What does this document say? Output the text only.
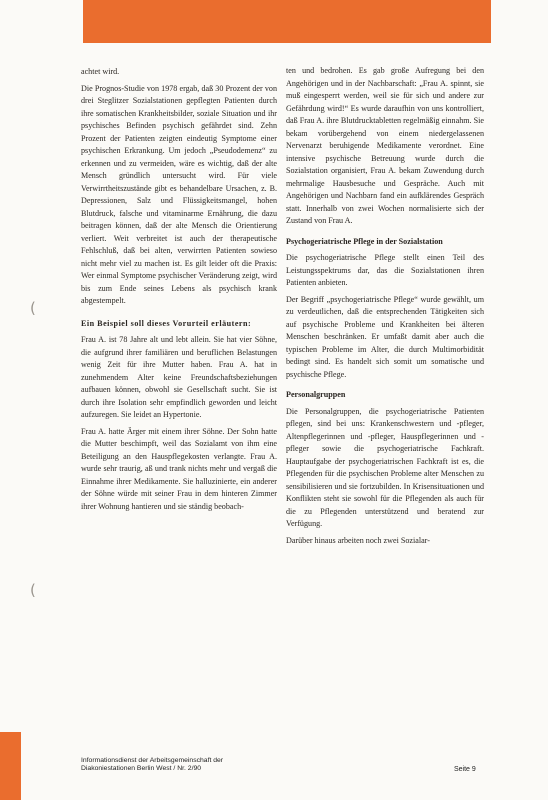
(
(

achtet wird.

Die Prognos-Studie von 1978 ergab, daß 30 Prozent der von drei Steglitzer Sozialstationen gepflegten Patienten durch ihre somatischen Krankheitsbilder, soziale Situation und ihr psychisches Befinden psychisch gefährdet sind. Zehn Prozent der Patienten zeigten eindeutig Symptome einer psychischen Erkrankung. Um jedoch „Pseudodemenz“ zu erkennen und zu vermeiden, wäre es wichtig, daß der alte Mensch gründlich untersucht wird. Für viele Verwirrtheitszustände gibt es behandelbare Ursachen, z. B. Depressionen, Salz und Flüssigkeitsmangel, hohen Blutdruck, falsche und vitaminarme Ernährung, die dazu beitragen können, daß der alte Mensch die Orientierung verliert. Weit verbreitet ist auch der therapeutische Fehlschluß, daß bei alten, verwirrten Patienten sowieso nicht mehr viel zu machen ist. Es gilt leider oft die Praxis: Wer einmal Symptome psychischer Veränderung zeigt, wird bis zum Ende seines Lebens als psychisch krank abgestempelt.

Ein Beispiel soll dieses Vorurteil erläutern:

Frau A. ist 78 Jahre alt und lebt allein. Sie hat vier Söhne, die aufgrund ihrer familiären und beruflichen Belastungen wenig Zeit für ihre Mutter haben. Frau A. hat in zunehmendem Alter keine Freundschaftsbeziehungen aufbauen können, obwohl sie Gesellschaft sucht. Sie ist durch ihre Isolation sehr empfindlich geworden und leicht aufzuregen. Sie leidet an Hypertonie.

Frau A. hatte Ärger mit einem ihrer Söhne. Der Sohn hatte die Mutter beschimpft, weil das Sozialamt von ihm eine Beteiligung an den Hauspflegekosten verlangte. Frau A. wurde sehr traurig, aß und trank nichts mehr und vergaß die Einnahme ihrer Medikamente. Sie halluzinierte, ein anderer der Söhne würde mit seiner Frau in dem hinteren Zimmer ihrer Wohnung hantieren und sie ständig beobach-

ten und bedrohen. Es gab große Aufregung bei den Angehörigen und in der Nachbarschaft: „Frau A. spinnt, sie muß eingesperrt werden, weil sie für sich und andere zur Gefährdung wird!“ Es wurde daraufhin von uns kontrolliert, daß Frau A. ihre Blutdrucktabletten regelmäßig einnahm. Sie bekam vorübergehend von einem niedergelassenen Nervenarzt beruhigende Medikamente verordnet. Eine intensive psychische Betreuung wurde durch die Sozialstation organisiert, Frau A. bekam Zuwendung durch mehrmalige Hausbesuche und Gespräche. Auch mit Angehörigen und Nachbarn fand ein aufklärendes Gespräch statt. Innerhalb von zwei Wochen normalisierte sich der Zustand von Frau A.

Psychogeriatrische Pflege in der Sozialstation

Die psychogeriatrische Pflege stellt einen Teil des Leistungsspektrums dar, das die Sozialstationen ihren Patienten anbieten.

Der Begriff „psychogeriatrische Pflege“ wurde gewählt, um zu verdeutlichen, daß die entsprechenden Tätigkeiten sich auf psychische Probleme und Krankheiten bei älteren Menschen beschränken. Er umfaßt damit aber auch die typischen Probleme im Alter, die durch Multimorbidität bedingt sind. Es handelt sich somit um somatische und psychische Pflege.

Personalgruppen

Die Personalgruppen, die psychogeriatrische Patienten pflegen, sind bei uns: Krankenschwestern und -pfleger, Altenpflegerinnen und -pfleger, Hauspflegerinnen und -pfleger sowie die psychogeriatrische Fachkraft. Hauptaufgabe der psychogeriatrischen Fachkraft ist es, die Pflegenden für die psychischen Probleme alter Menschen zu sensibilisieren und sie fortzubilden. In Krisensituationen und Konflikten steht sie sowohl für die Pflegenden als auch für die zu Pflegenden unterstützend und beratend zur Verfügung.

Darüber hinaus arbeiten noch zwei Sozialar-

Informationsdienst der Arbeitsgemeinschaft der
Diakoniestationen Berlin West / Nr. 2/90	Seite 9
